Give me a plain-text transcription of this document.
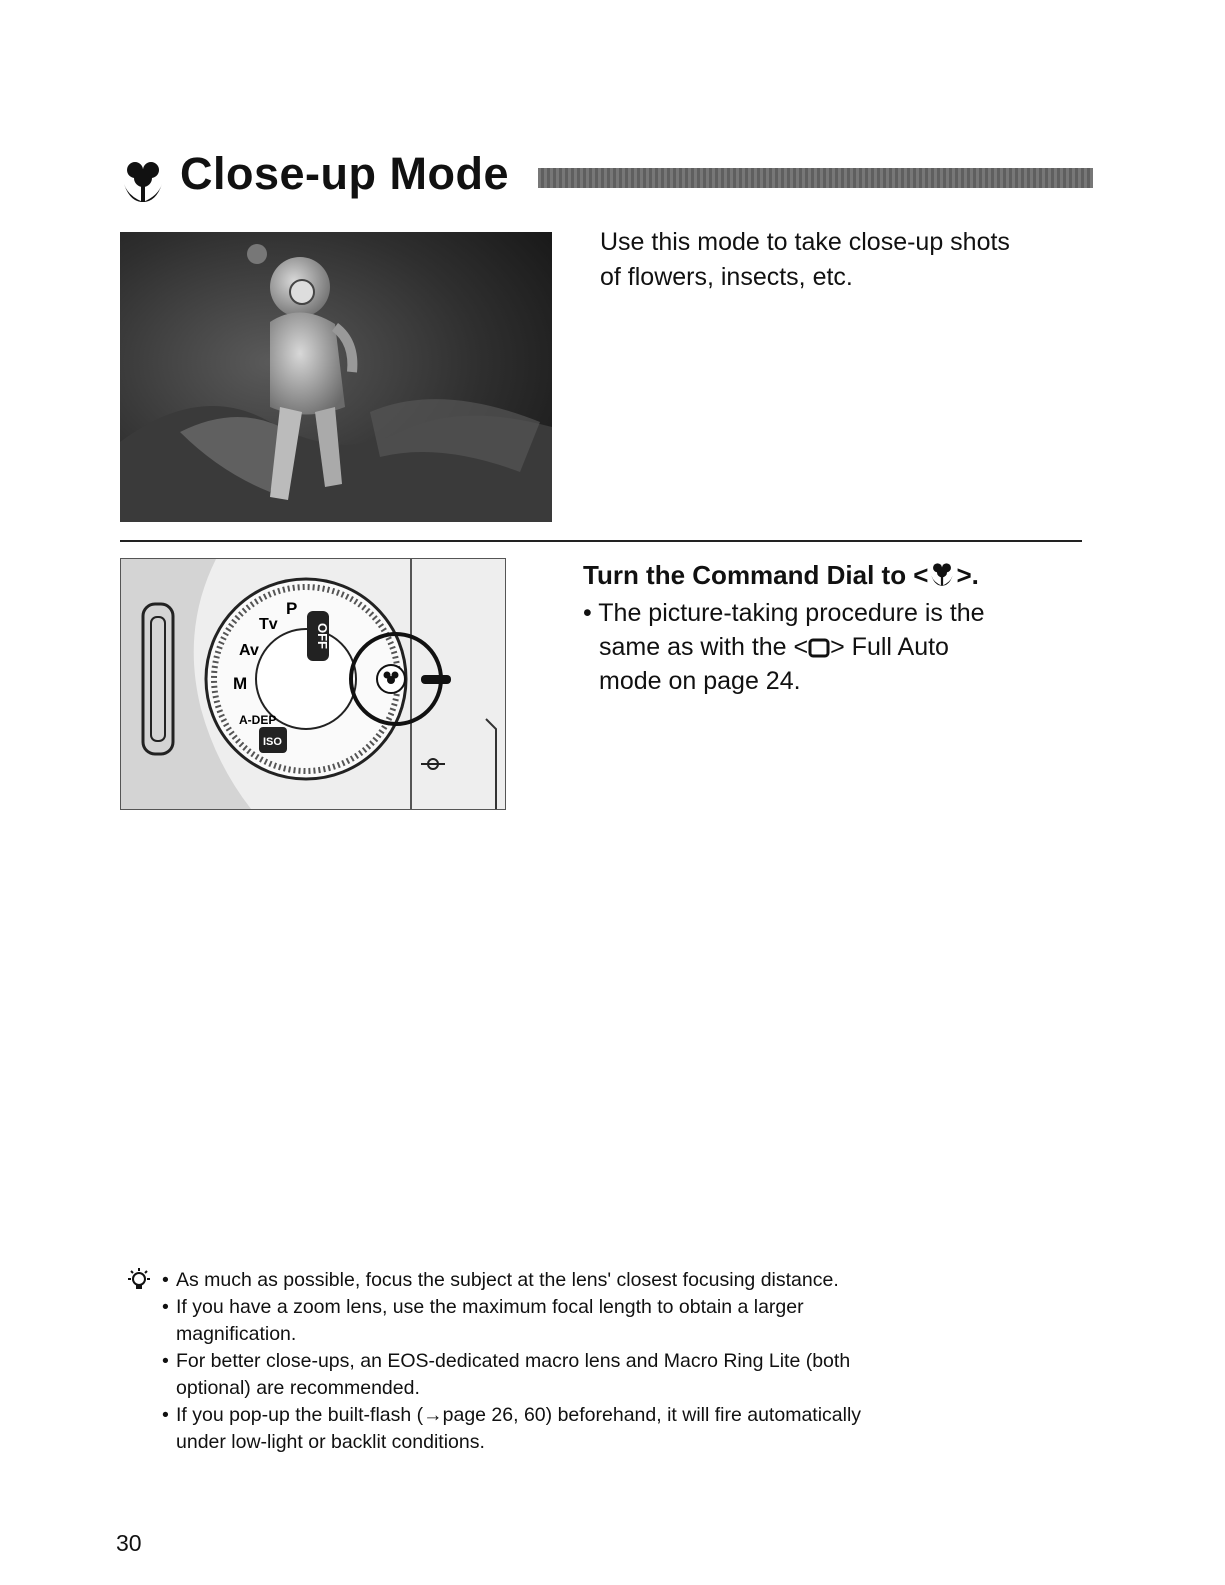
Close-up Mode
Use this mode to take close-up shots
of flowers, insects, etc.
OFF
P
Tv
Av
M
A-DEP
ISO
Turn the Command Dial to < >.
• The picture-taking procedure is the
same as with the < > Full Auto
mode on page 24.
• As much as possible, focus the subject at the lens' closest focusing distance.
• If you have a zoom lens, use the maximum focal length to obtain a larger
magnification.
• For better close-ups, an EOS-dedicated macro lens and Macro Ring Lite (both
optional) are recommended.
• If you pop-up the built-flash (→page 26, 60) beforehand, it will fire automatically
under low-light or backlit conditions.
30
